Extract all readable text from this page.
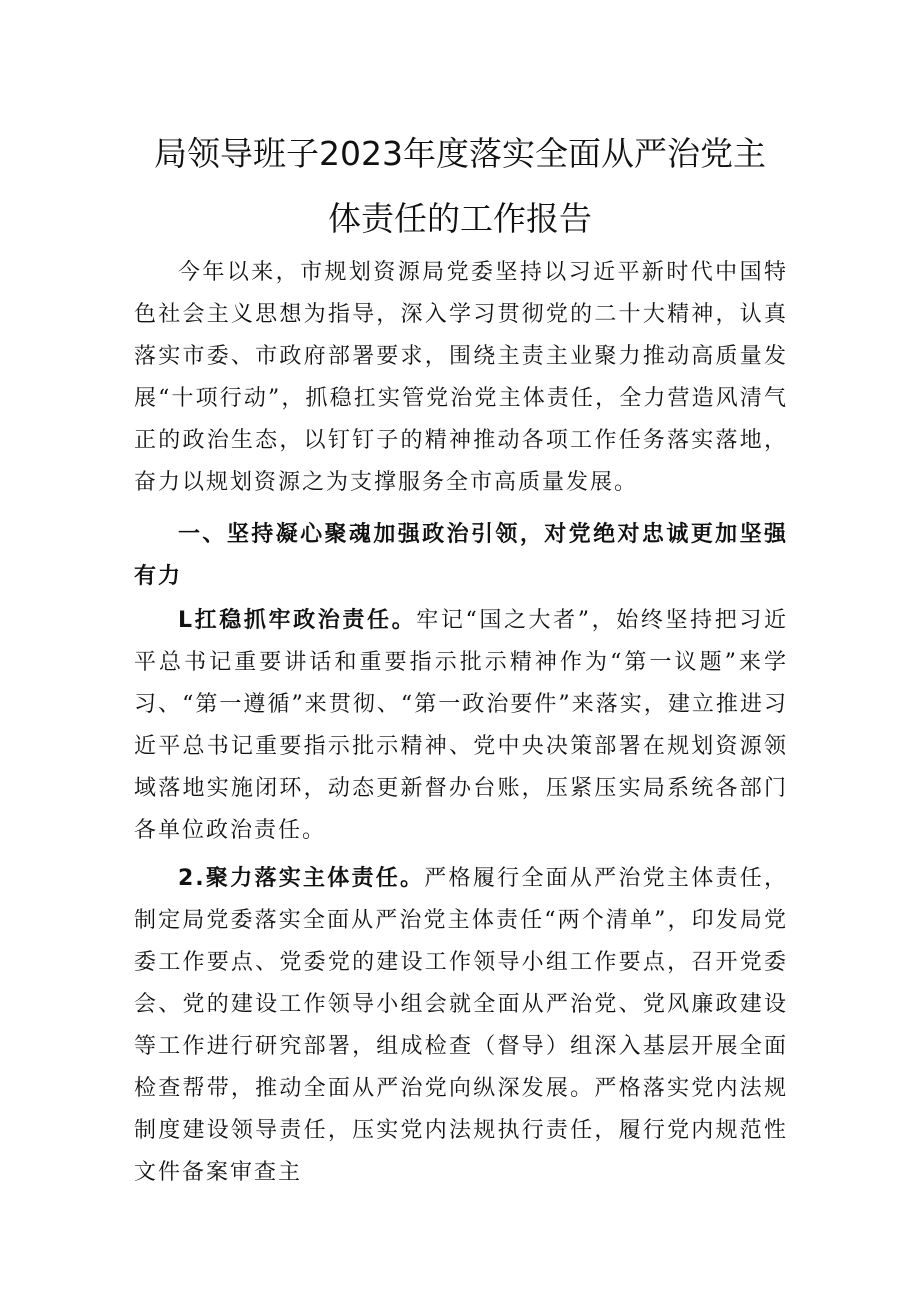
局领导班子2023年度落实全面从严治党主
体责任的工作报告

今年以来，市规划资源局党委坚持以习近平新时代中国特色社会主义思想为指导，深入学习贯彻党的二十大精神，认真落实市委、市政府部署要求，围绕主责主业聚力推动高质量发展“十项行动”，抓稳扛实管党治党主体责任，全力营造风清气正的政治生态，以钉钉子的精神推动各项工作任务落实落地，奋力以规划资源之为支撑服务全市高质量发展。

一、坚持凝心聚魂加强政治引领，对党绝对忠诚更加坚强有力

L扛稳抓牢政治责任。牢记“国之大者”，始终坚持把习近平总书记重要讲话和重要指示批示精神作为“第一议题”来学习、“第一遵循”来贯彻、“第一政治要件”来落实，建立推进习近平总书记重要指示批示精神、党中央决策部署在规划资源领域落地实施闭环，动态更新督办台账，压紧压实局系统各部门各单位政治责任。

2.聚力落实主体责任。严格履行全面从严治党主体责任，制定局党委落实全面从严治党主体责任“两个清单”，印发局党委工作要点、党委党的建设工作领导小组工作要点，召开党委会、党的建设工作领导小组会就全面从严治党、党风廉政建设等工作进行研究部署，组成检查（督导）组深入基层开展全面检查帮带，推动全面从严治党向纵深发展。严格落实党内法规制度建设领导责任，压实党内法规执行责任，履行党内规范性文件备案审查主
